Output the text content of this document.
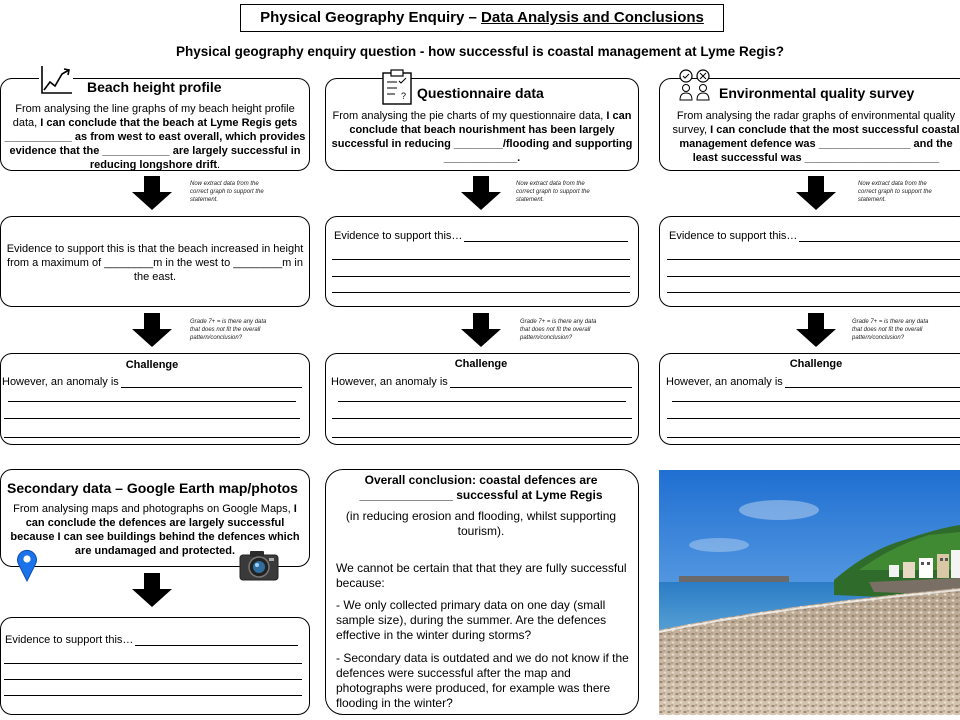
Physical Geography Enquiry – Data Analysis and Conclusions
Physical geography enquiry question - how successful is coastal management at Lyme Regis?
Beach height profile
From analysing the line graphs of my beach height profile data, I can conclude that the beach at Lyme Regis gets ___________ as from west to east overall, which provides evidence that the ___________ are largely successful in reducing longshore drift.
Now extract data from the correct graph to support the statement.
Evidence to support this is that the beach increased in height from a maximum of ________m in the west to ________m in the east.
Grade 7+ = is there any data that does not fit the overall pattern/conclusion?
Challenge
However, an anomaly is
? Questionnaire data
From analysing the pie charts of my questionnaire data, I can conclude that beach nourishment has been largely successful in reducing ________/flooding and supporting ____________.
Now extract data from the correct graph to support the statement.
Evidence to support this…
Grade 7+ = is there any data that does not fit the overall pattern/conclusion?
Challenge
However, an anomaly is
Environmental quality survey
From analysing the radar graphs of environmental quality survey, I can conclude that the most successful coastal management defence was _______________ and the least successful was ______________________
Now extract data from the correct graph to support the statement.
Evidence to support this…
Grade 7+ = is there any data that does not fit the overall pattern/conclusion?
Challenge
However, an anomaly is
Secondary data – Google Earth map/photos
From analysing maps and photographs on Google Maps, I can conclude the defences are largely successful because I can see buildings behind the defences which are undamaged and protected.
Evidence to support this…
Overall conclusion: coastal defences are ______________ successful at Lyme Regis
(in reducing erosion and flooding, whilst supporting tourism).
We cannot be certain that that they are fully successful because:
- We only collected primary data on one day (small sample size), during the summer. Are the defences effective in the winter during storms?
- Secondary data is outdated and we do not know if the defences were successful after the map and photographs were produced, for example was there flooding in the winter?
